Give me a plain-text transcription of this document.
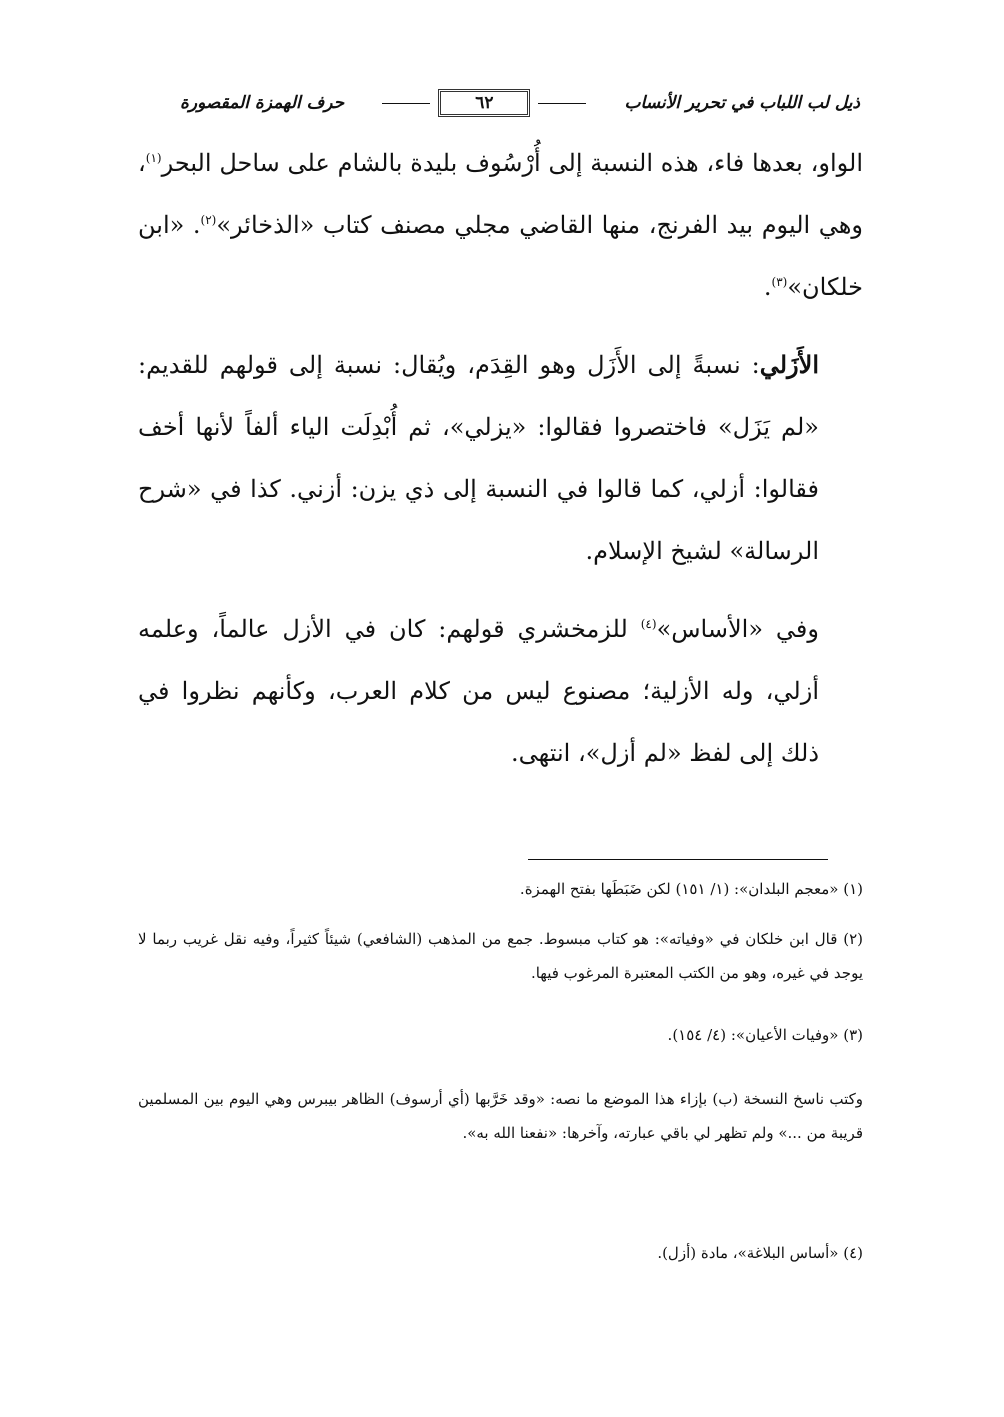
ذيل لب اللباب في تحرير الأنساب
٦٢
حرف الهمزة المقصورة

الواو، بعدها فاء، هذه النسبة إلى أُرْسُوف بليدة بالشام على ساحل البحر$^{(١)}$، وهي اليوم بيد الفرنج، منها القاضي مجلي مصنف كتاب «الذخائر»$^{(٢)}$. «ابن خلكان»$^{(٣)}$.

الأَزَلي: نسبةً إلى الأَزَل وهو القِدَم، ويُقال: نسبة إلى قولهم للقديم: «لم يَزَل» فاختصروا فقالوا: «يزلي»، ثم أُبْدِلَت الياء ألفاً لأنها أخف فقالوا: أزلي، كما قالوا في النسبة إلى ذي يزن: أزني. كذا في «شرح الرسالة» لشيخ الإسلام.

وفي «الأساس»$^{(٤)}$ للزمخشري قولهم: كان في الأزل عالماً، وعلمه أزلي، وله الأزلية؛ مصنوع ليس من كلام العرب، وكأنهم نظروا في ذلك إلى لفظ «لم أزل»، انتهى.

(١) «معجم البلدان»: (١/ ١٥١) لكن ضَبَطَها بفتح الهمزة.
(٢) قال ابن خلكان في «وفياته»: هو كتاب مبسوط. جمع من المذهب (الشافعي) شيئاً كثيراً، وفيه نقل غريب ربما لا يوجد في غيره، وهو من الكتب المعتبرة المرغوب فيها.
(٣) «وفيات الأعيان»: (٤/ ١٥٤).
وكتب ناسخ النسخة (ب) بإزاء هذا الموضع ما نصه: «وقد خَرَّبها (أي أرسوف) الظاهر بيبرس وهي اليوم بين المسلمين قريبة من ...» ولم تظهر لي باقي عبارته، وآخرها: «نفعنا الله به».
(٤) «أساس البلاغة»، مادة (أزل).
